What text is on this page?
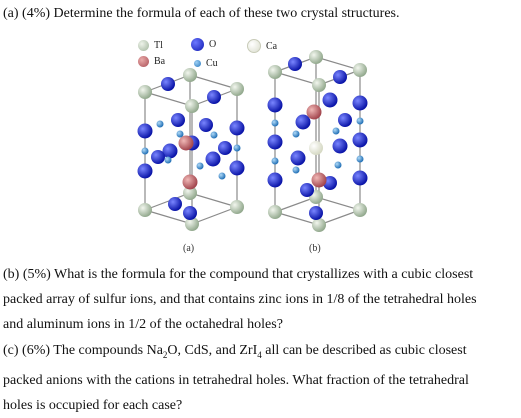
(a) (4%) Determine the formula of each of these two crystal structures.
Tl	O	Ca
Ba	Cu
(a)	(b)
(b) (5%) What is the formula for the compound that crystallizes with a cubic closest
packed array of sulfur ions, and that contains zinc ions in 1/8 of the tetrahedral holes
and aluminum ions in 1/2 of the octahedral holes?
(c) (6%) The compounds $Na_2O$, CdS, and ZrI$_4$ all can be described as cubic closest
packed anions with the cations in tetrahedral holes. What fraction of the tetrahedral
holes is occupied for each case?
